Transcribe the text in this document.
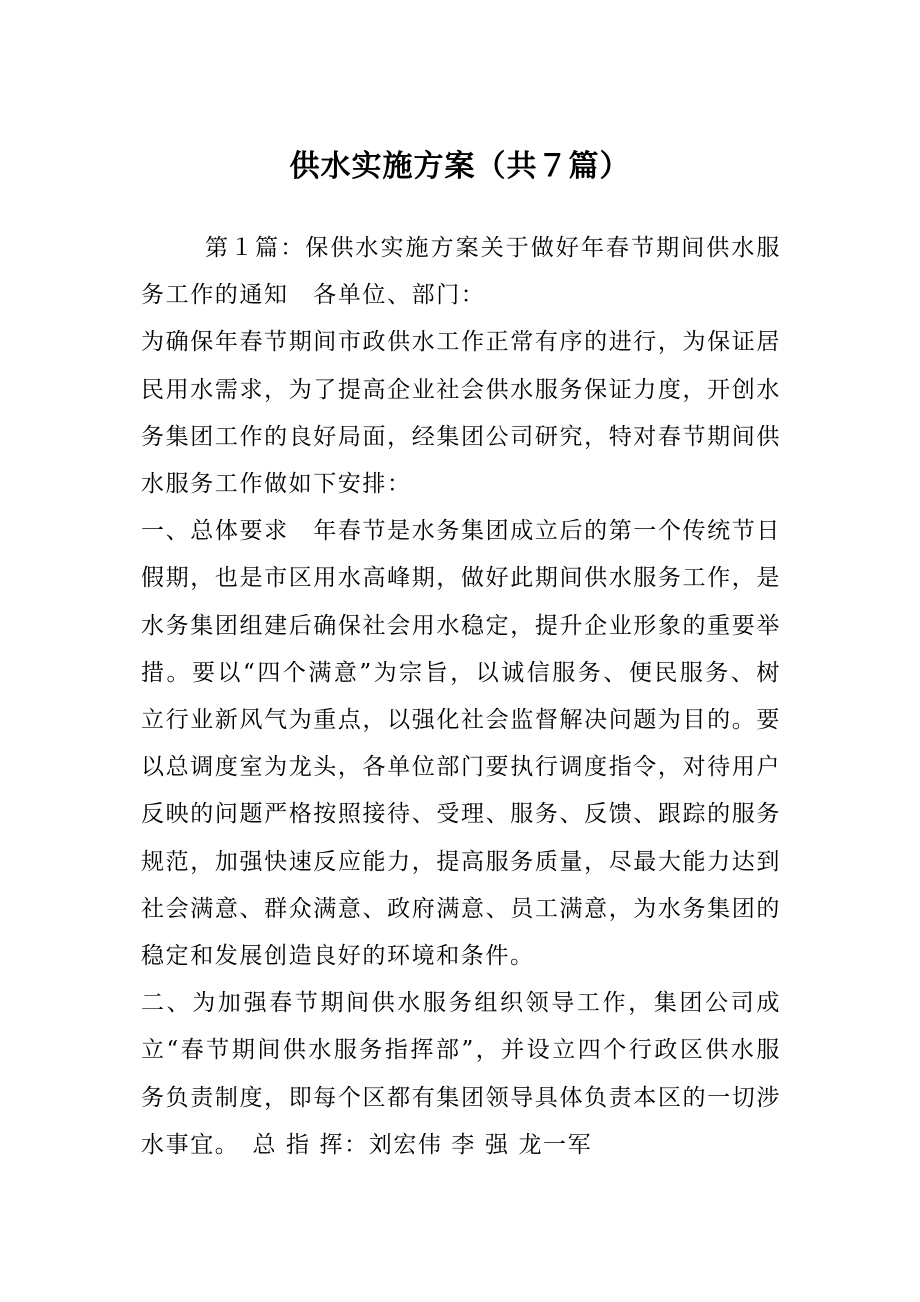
供水实施方案（共７篇）

第１篇：保供水实施方案关于做好年春节期间供水服务工作的通知　各单位、部门：

为确保年春节期间市政供水工作正常有序的进行，为保证居民用水需求，为了提高企业社会供水服务保证力度，开创水务集团工作的良好局面，经集团公司研究，特对春节期间供水服务工作做如下安排：

一、总体要求　年春节是水务集团成立后的第一个传统节日假期，也是市区用水高峰期，做好此期间供水服务工作，是水务集团组建后确保社会用水稳定，提升企业形象的重要举措。要以“四个满意”为宗旨，以诚信服务、便民服务、树立行业新风气为重点，以强化社会监督解决问题为目的。要以总调度室为龙头，各单位部门要执行调度指令，对待用户反映的问题严格按照接待、受理、服务、反馈、跟踪的服务规范，加强快速反应能力，提高服务质量，尽最大能力达到社会满意、群众满意、政府满意、员工满意，为水务集团的稳定和发展创造良好的环境和条件。

二、为加强春节期间供水服务组织领导工作，集团公司成立“春节期间供水服务指挥部”，并设立四个行政区供水服务负责制度，即每个区都有集团领导具体负责本区的一切涉水事宜。　总 指 挥：刘宏伟 李 强 龙一军
